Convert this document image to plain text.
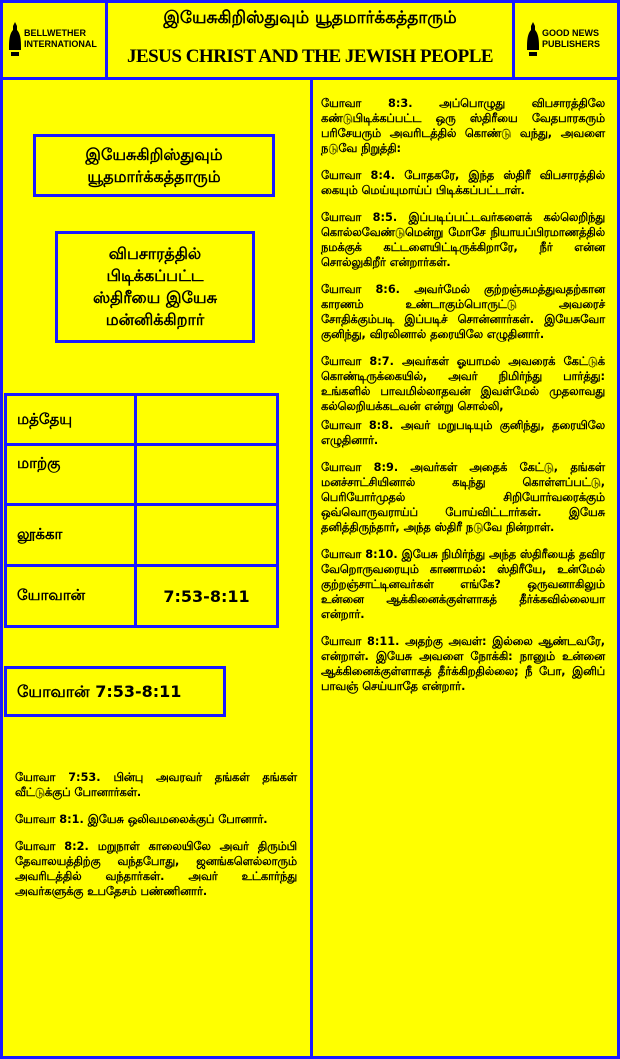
BELLWETHER
INTERNATIONAL
GOOD NEWS
PUBLISHERS
இயேசுகிறிஸ்துவும் யூதமார்க்கத்தாரும்
JESUS CHRIST AND THE JEWISH PEOPLE
இயேசுகிறிஸ்துவும்
யூதமார்க்கத்தாரும்
விபசாரத்தில்
பிடிக்கப்பட்ட
ஸ்திரீயை இயேசு
மன்னிக்கிறார்
மத்தேயு	
மாற்கு	
லூக்கா	
யோவான்	7:53-8:11
யோவான் 7:53-8:11

யோவா 7:53. பின்பு அவரவர் தங்கள் தங்கள் வீட்டுக்குப் போனார்கள்.

யோவா 8:1. இயேசு ஒலிவமலைக்குப் போனார்.

யோவா 8:2. மறுநாள் காலையிலே அவர் திரும்பி தேவாலயத்திற்கு வந்தபோது, ஜனங்களெல்லாரும் அவரிடத்தில் வந்தார்கள். அவர் உட்கார்ந்து அவர்களுக்கு உபதேசம் பண்ணினார்.

யோவா 8:3. அப்பொழுது விபசாரத்திலே கண்டுபிடிக்கப்பட்ட ஒரு ஸ்திரீயை வேதபாரகரும் பரிசேயரும் அவரிடத்தில் கொண்டு வந்து, அவளை நடுவே நிறுத்தி:

யோவா 8:4. போதகரே, இந்த ஸ்திரீ விபசாரத்தில் கையும் மெய்யுமாய்ப் பிடிக்கப்பட்டாள்.

யோவா 8:5. இப்படிப்பட்டவர்களைக் கல்லெறிந்து கொல்லவேண்டுமென்று மோசே நியாயப்பிரமாணத்தில் நமக்குக் கட்டளையிட்டிருக்கிறாரே, நீர் என்ன சொல்லுகிறீர் என்றார்கள்.

யோவா 8:6. அவர்மேல் குற்றஞ்சுமத்துவதற்கான காரணம் உண்டாகும்பொருட்டு அவரைச் சோதிக்கும்படி இப்படிச் சொன்னார்கள். இயேசுவோ குனிந்து, விரலினால் தரையிலே எழுதினார்.

யோவா 8:7. அவர்கள் ஓயாமல் அவரைக் கேட்டுக் கொண்டிருக்கையில், அவர் நிமிர்ந்து பார்த்து: உங்களில் பாவமில்லாதவன் இவள்மேல் முதலாவது கல்லெறியக்கடவன் என்று சொல்லி,

யோவா 8:8. அவர் மறுபடியும் குனிந்து, தரையிலே எழுதினார்.

யோவா 8:9. அவர்கள் அதைக் கேட்டு, தங்கள் மனச்சாட்சியினால் கடிந்து கொள்ளப்பட்டு, பெரியோர்முதல் சிறியோர்வரைக்கும் ஒவ்வொருவராய்ப் போய்விட்டார்கள். இயேசு தனித்திருந்தார், அந்த ஸ்திரீ நடுவே நின்றாள்.

யோவா 8:10. இயேசு நிமிர்ந்து அந்த ஸ்திரீயைத் தவிர வேறொருவரையும் காணாமல்: ஸ்திரீயே, உன்மேல் குற்றஞ்சாட்டினவர்கள் எங்கே? ஒருவனாகிலும் உன்னை ஆக்கினைக்குள்ளாகத் தீர்க்கவில்லையா என்றார்.

யோவா 8:11. அதற்கு அவள்: இல்லை ஆண்டவரே, என்றாள். இயேசு அவளை நோக்கி: நானும் உன்னை ஆக்கினைக்குள்ளாகத் தீர்க்கிறதில்லை; நீ போ, இனிப் பாவஞ் செய்யாதே என்றார்.
